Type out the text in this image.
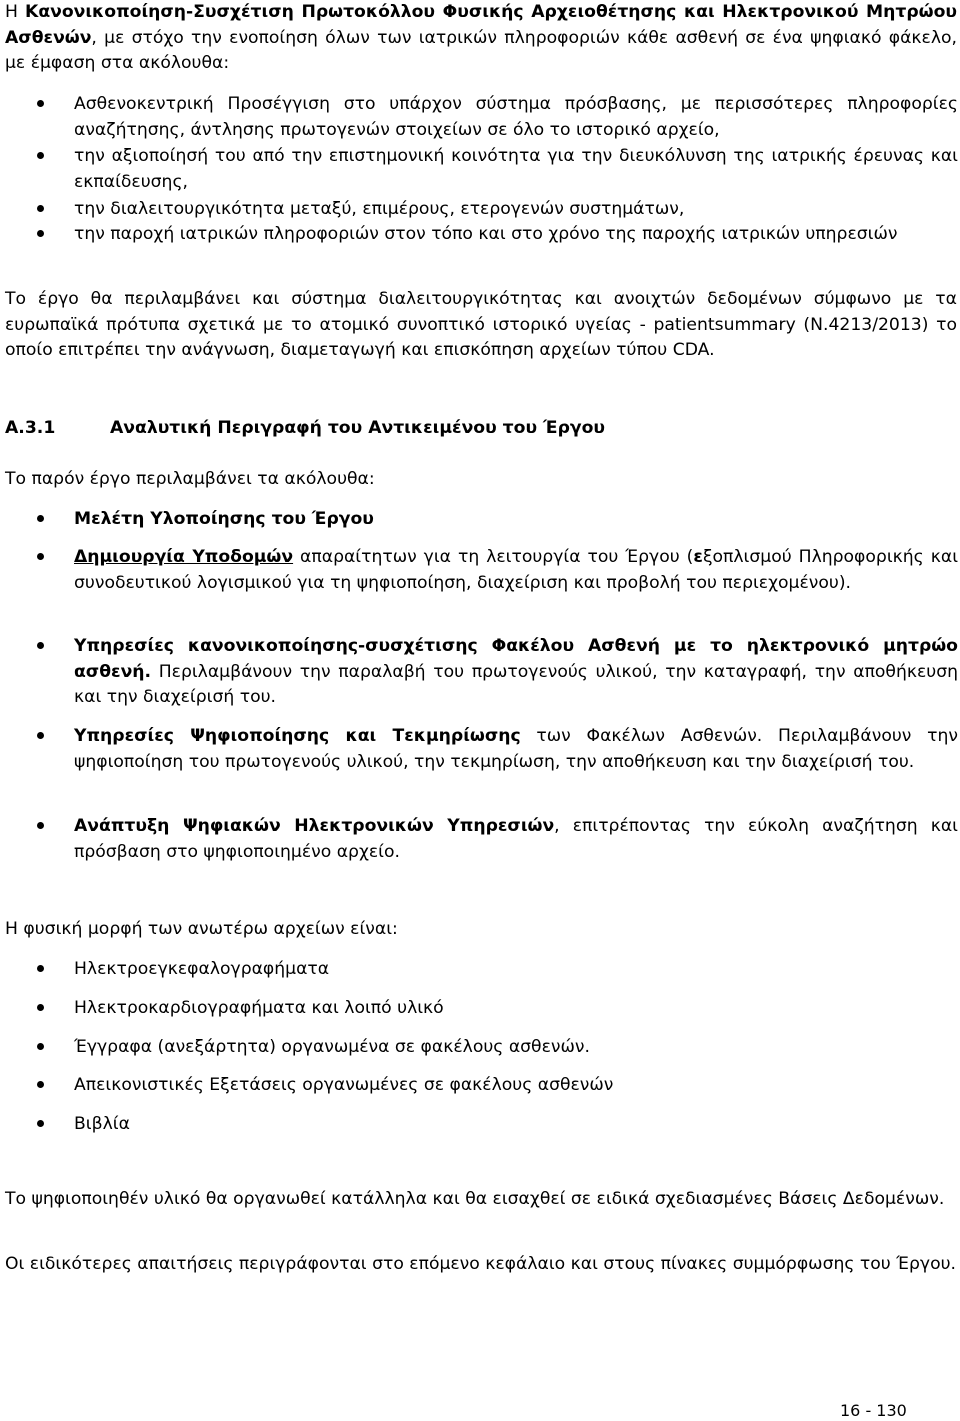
Η Κανονικοποίηση-Συσχέτιση Πρωτοκόλλου Φυσικής Αρχειοθέτησης και Ηλεκτρονικού Μητρώου Ασθενών, με στόχο την ενοποίηση όλων των ιατρικών πληροφοριών κάθε ασθενή σε ένα ψηφιακό φάκελο, με έμφαση στα ακόλουθα:

Ασθενοκεντρική Προσέγγιση στο υπάρχον σύστημα πρόσβασης, με περισσότερες πληροφορίες αναζήτησης, άντλησης πρωτογενών στοιχείων σε όλο το ιστορικό αρχείο,

την αξιοποίησή του από την επιστημονική κοινότητα για την διευκόλυνση της ιατρικής έρευνας και εκπαίδευσης,

την διαλειτουργικότητα μεταξύ, επιμέρους, ετερογενών συστημάτων,

την παροχή ιατρικών πληροφοριών στον τόπο και στο χρόνο της παροχής ιατρικών υπηρεσιών

Το έργο θα περιλαμβάνει και σύστημα διαλειτουργικότητας και ανοιχτών δεδομένων σύμφωνο με τα ευρωπαϊκά πρότυπα σχετικά με το ατομικό συνοπτικό ιστορικό υγείας - patientsummary (Ν.4213/2013) το οποίο επιτρέπει την ανάγνωση, διαμεταγωγή και επισκόπηση αρχείων τύπου CDA.

Α.3.1	Αναλυτική Περιγραφή του Αντικειμένου του Έργου

Το παρόν έργο περιλαμβάνει τα ακόλουθα:

Μελέτη Υλοποίησης του Έργου

Δημιουργία Υποδομών απαραίτητων για τη λειτουργία του Έργου (εξοπλισμού Πληροφορικής και συνοδευτικού λογισμικού για τη ψηφιοποίηση, διαχείριση και προβολή του περιεχομένου).

Υπηρεσίες κανονικοποίησης-συσχέτισης Φακέλου Ασθενή με το ηλεκτρονικό μητρώο ασθενή. Περιλαμβάνουν την παραλαβή του πρωτογενούς υλικού, την καταγραφή, την αποθήκευση και την διαχείρισή του.

Υπηρεσίες Ψηφιοποίησης και Τεκμηρίωσης των Φακέλων Ασθενών. Περιλαμβάνουν την ψηφιοποίηση του πρωτογενούς υλικού, την τεκμηρίωση, την αποθήκευση και την διαχείρισή του.

Ανάπτυξη Ψηφιακών Ηλεκτρονικών Υπηρεσιών, επιτρέποντας την εύκολη αναζήτηση και πρόσβαση στο ψηφιοποιημένο αρχείο.

Η φυσική μορφή των ανωτέρω αρχείων είναι:

Ηλεκτροεγκεφαλογραφήματα

Ηλεκτροκαρδιογραφήματα και λοιπό υλικό

Έγγραφα (ανεξάρτητα) οργανωμένα σε φακέλους ασθενών.

Απεικονιστικές Εξετάσεις οργανωμένες σε φακέλους ασθενών

Βιβλία

Το ψηφιοποιηθέν υλικό θα οργανωθεί κατάλληλα και θα εισαχθεί σε ειδικά σχεδιασμένες Βάσεις Δεδομένων.

Οι ειδικότερες απαιτήσεις περιγράφονται στο επόμενο κεφάλαιο και στους πίνακες συμμόρφωσης του Έργου.

16 - 130
